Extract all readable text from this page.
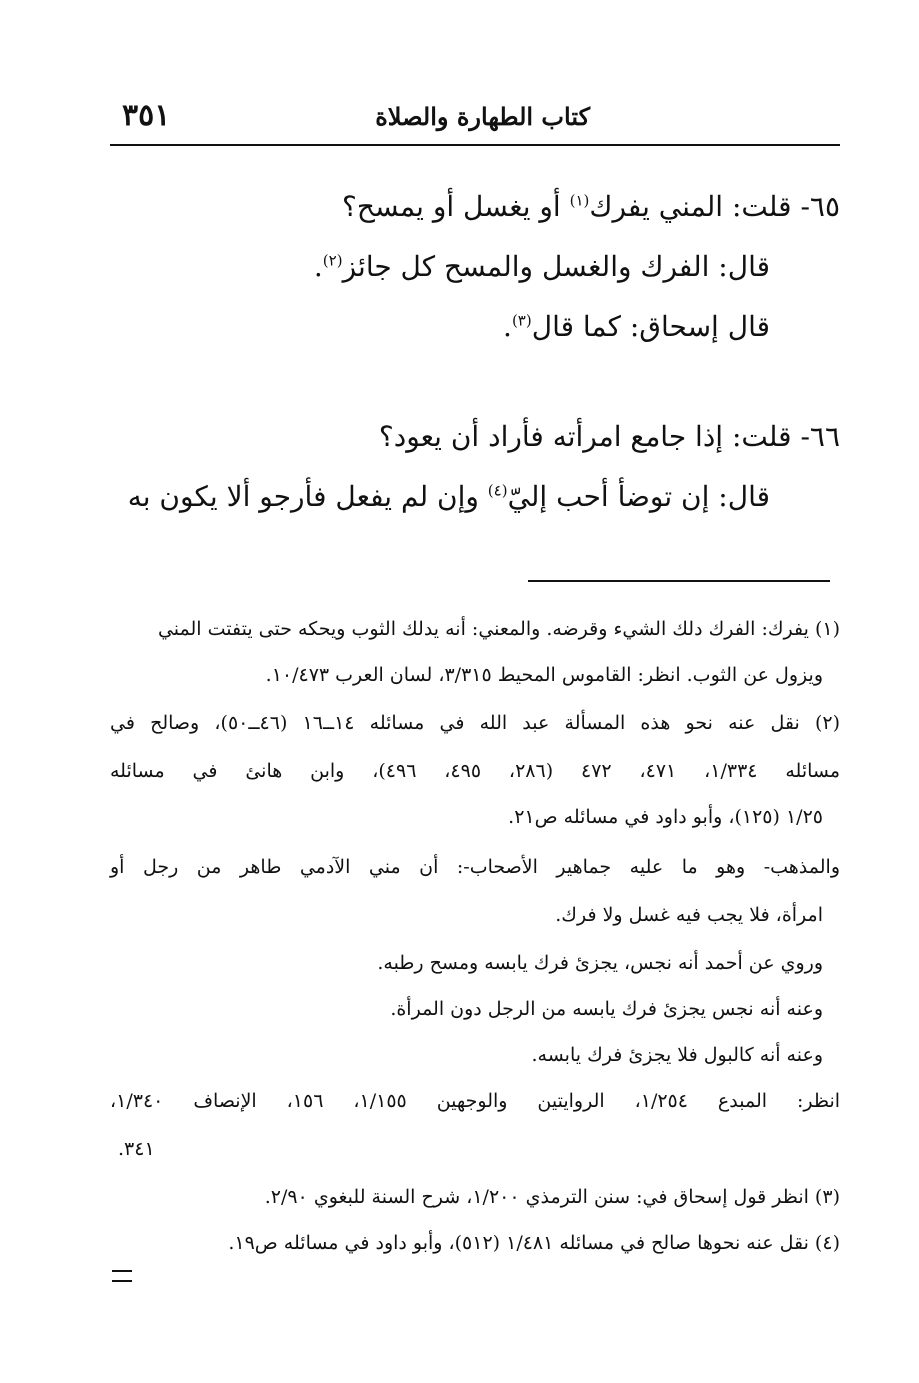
٣٥١	كتاب الطهارة والصلاة
٦٥- قلت: المني يفرك$^{(١)}$ أو يغسل أو يمسح؟
قال: الفرك والغسل والمسح كل جائز$^{(٢)}$.
قال إسحاق: كما قال$^{(٣)}$.
٦٦- قلت: إذا جامع امرأته فأراد أن يعود؟
قال: إن توضأ أحب إليّ$^{(٤)}$ وإن لم يفعل فأرجو ألا يكون به
(١) يفرك: الفرك دلك الشيء وقرضه. والمعني: أنه يدلك الثوب ويحكه حتى يتفتت المني
ويزول عن الثوب. انظر: القاموس المحيط ٣/٣١٥، لسان العرب ١٠/٤٧٣.
(٢) نقل عنه نحو هذه المسألة عبد الله في مسائله ١٤ــ١٦ (٤٦ــ٥٠)، وصالح في
مسائله ١/٣٣٤، ٤٧١، ٤٧٢ (٢٨٦، ٤٩٥، ٤٩٦)، وابن هانئ في مسائله
١/٢٥ (١٢٥)، وأبو داود في مسائله ص٢١.
والمذهب- وهو ما عليه جماهير الأصحاب-: أن مني الآدمي طاهر من رجل أو
امرأة، فلا يجب فيه غسل ولا فرك.
وروي عن أحمد أنه نجس، يجزئ فرك يابسه ومسح رطبه.
وعنه أنه نجس يجزئ فرك يابسه من الرجل دون المرأة.
وعنه أنه كالبول فلا يجزئ فرك يابسه.
انظر: المبدع ١/٢٥٤، الروايتين والوجهين ١/١٥٥، ١٥٦، الإنصاف ١/٣٤٠،
٣٤١.
(٣) انظر قول إسحاق في: سنن الترمذي ١/٢٠٠، شرح السنة للبغوي ٢/٩٠.
(٤) نقل عنه نحوها صالح في مسائله ١/٤٨١ (٥١٢)، وأبو داود في مسائله ص١٩.
